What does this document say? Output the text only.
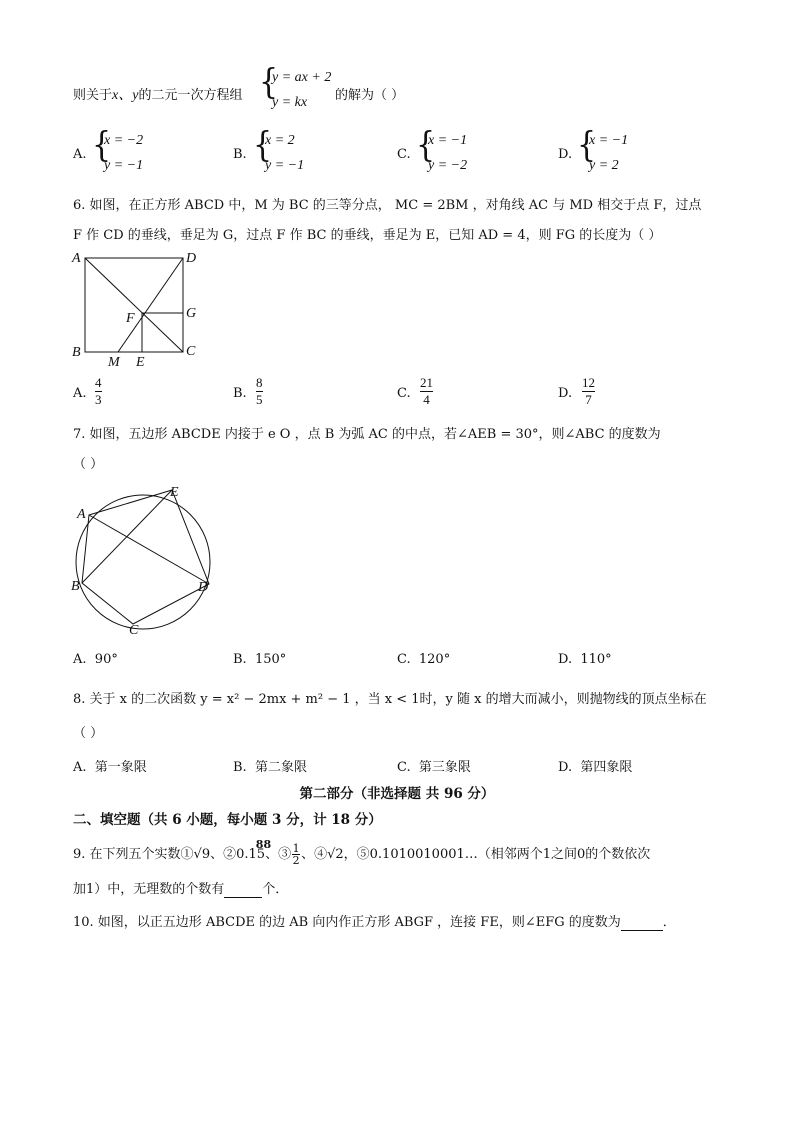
则关于x、y的二元一次方程组 {
y = ax + 2
y = kx 的解为（ ）
A. {
x = −2
y = −1
B. {
x = 2
y = −1
C. {
x = −1
y = −2
D. {
x = −1
y = 2
6. 如图，在正方形 ABCD 中，M 为 BC 的三等分点， MC = 2BM ，对角线 AC 与 MD 相交于点 F，过点
F 作 CD 的垂线，垂足为 G，过点 F 作 BC 的垂线，垂足为 E，已知 AD = 4，则 FG 的长度为（ ）
A	D
B	C
F	G
M E
A.
4
3	B.
8
5	C.
21
4	D.
12
7
7. 如图，五边形 ABCDE 内接于 e O ，点 B 为弧 AC 的中点，若∠AEB = 30°，则∠ABC 的度数为
（ ）
A
E
B	D
C
A. 90°	B. 150°	C. 120°	D. 110°
8. 关于 x 的二次函数 y = x² − 2mx + m² − 1 ，当 x < 1时，y 随 x 的增大而减小，则抛物线的顶点坐标在
（ ）
A. 第一象限	B. 第二象限	C. 第三象限	D. 第四象限
第二部分（非选择题 共 96 分）
二、填空题（共 6 小题，每小题 3 分，计 18 分）
9. 在下列五个实数①√9、②0.1
88
5、③ $\frac{1}{2}$ 、④√2，⑤0.1010010001…（相邻两个1之间0的个数依次
加1）中，无理数的个数有	个．
10. 如图，以正五边形 ABCDE 的边 AB 向内作正方形 ABGF ，连接 FE，则∠EFG 的度数为	．
